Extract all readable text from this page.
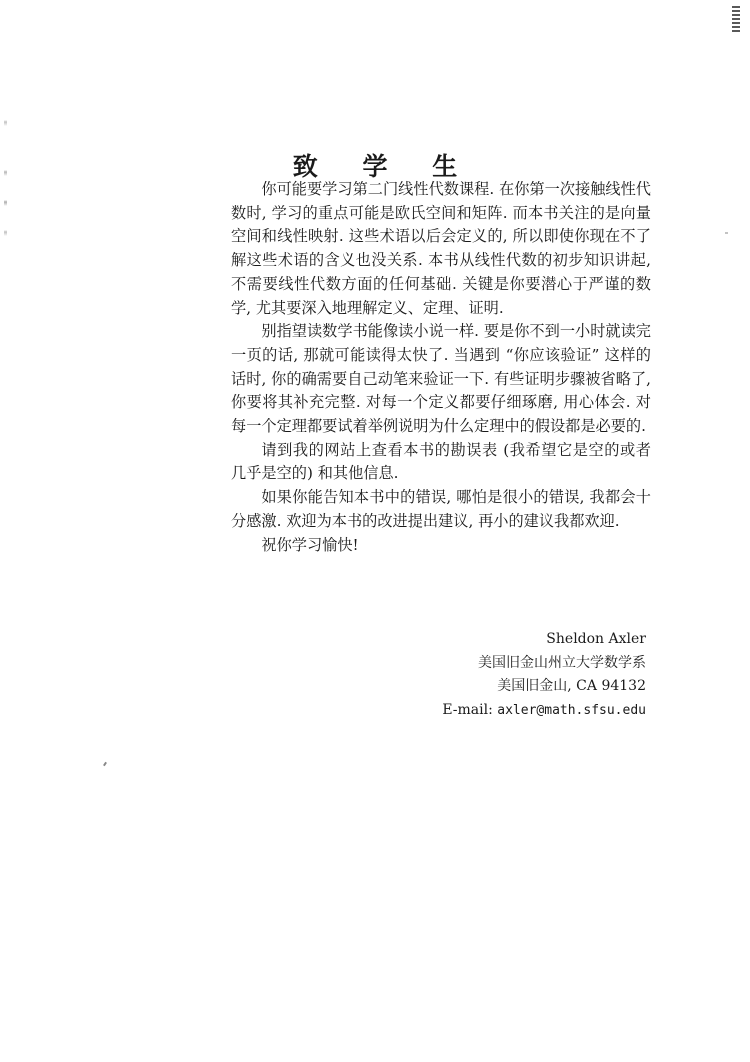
致 学 生

你可能要学习第二门线性代数课程. 在你第一次接触线性代数时, 学习的重点可能是欧氏空间和矩阵. 而本书关注的是向量空间和线性映射. 这些术语以后会定义的, 所以即使你现在不了解这些术语的含义也没关系. 本书从线性代数的初步知识讲起, 不需要线性代数方面的任何基础. 关键是你要潜心于严谨的数学, 尤其要深入地理解定义、定理、证明.

别指望读数学书能像读小说一样. 要是你不到一小时就读完一页的话, 那就可能读得太快了. 当遇到 “你应该验证” 这样的话时, 你的确需要自己动笔来验证一下. 有些证明步骤被省略了, 你要将其补充完整. 对每一个定义都要仔细琢磨, 用心体会. 对每一个定理都要试着举例说明为什么定理中的假设都是必要的.

请到我的网站上查看本书的勘误表 (我希望它是空的或者几乎是空的) 和其他信息.

如果你能告知本书中的错误, 哪怕是很小的错误, 我都会十分感激. 欢迎为本书的改进提出建议, 再小的建议我都欢迎.

祝你学习愉快!

Sheldon Axler
美国旧金山州立大学数学系
美国旧金山, CA 94132
E-mail: axler@math.sfsu.edu
